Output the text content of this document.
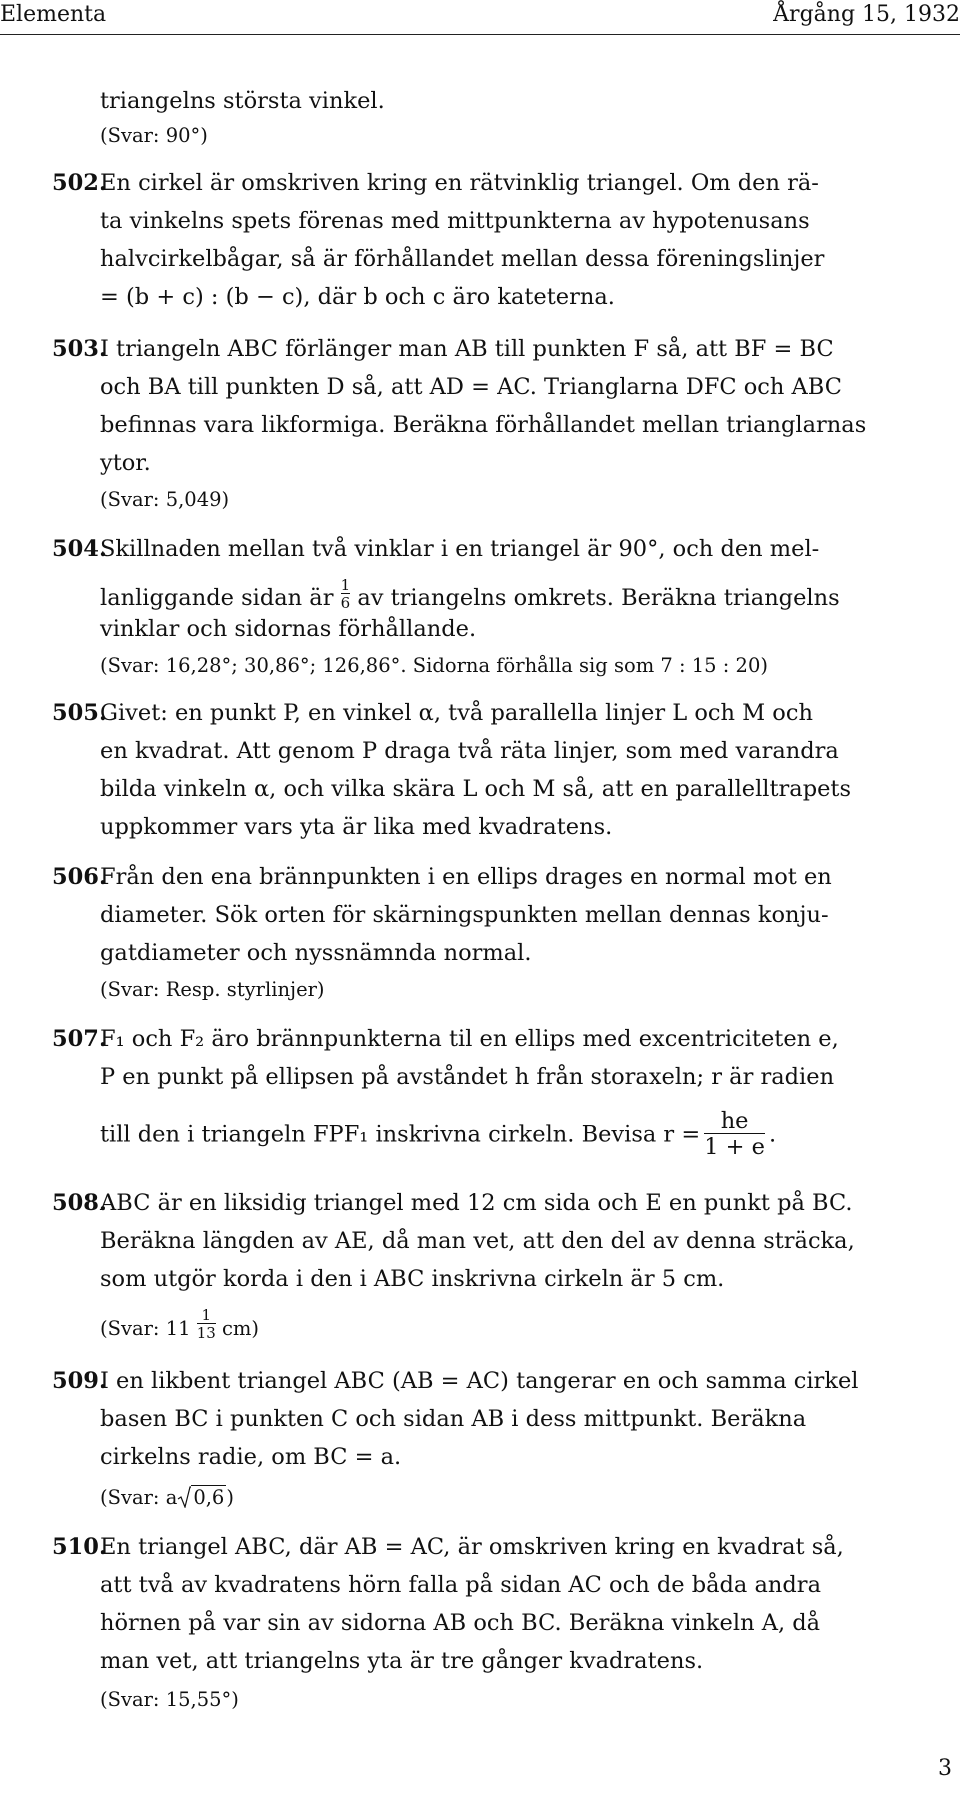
Elementa	Årgång 15, 1932
triangelns största vinkel.
(Svar: 90°)
502.
En cirkel är omskriven kring en rätvinklig triangel. Om den rä-
ta vinkelns spets förenas med mittpunkterna av hypotenusans
halvcirkelbågar, så är förhållandet mellan dessa föreningslinjer
= (b + c) : (b − c), där b och c äro kateterna.
503.
I triangeln ABC förlänger man AB till punkten F så, att BF = BC
och BA till punkten D så, att AD = AC. Trianglarna DFC och ABC
befinnas vara likformiga. Beräkna förhållandet mellan trianglarnas
ytor.
(Svar: 5,049)
504.
Skillnaden mellan två vinklar i en triangel är 90°, och den mel-
lanliggande sidan är $\frac{1}{6}$ av triangelns omkrets. Beräkna triangelns
vinklar och sidornas förhållande.
(Svar: 16,28°; 30,86°; 126,86°. Sidorna förhålla sig som 7 : 15 : 20)
505.
Givet: en punkt P, en vinkel α, två parallella linjer L och M och
en kvadrat. Att genom P draga två räta linjer, som med varandra
bilda vinkeln α, och vilka skära L och M så, att en parallelltrapets
uppkommer vars yta är lika med kvadratens.
506.
Från den ena brännpunkten i en ellips drages en normal mot en
diameter. Sök orten för skärningspunkten mellan dennas konju-
gatdiameter och nyssnämnda normal.
(Svar: Resp. styrlinjer)
507.
F₁ och F₂ äro brännpunkterna til en ellips med excentriciteten e,
P en punkt på ellipsen på avståndet h från storaxeln; r är radien
till den i triangeln FPF₁ inskrivna cirkeln. Bevisa $r = \frac{he}{1 + e}$ .
508.
ABC är en liksidig triangel med 12 cm sida och E en punkt på BC.
Beräkna längden av AE, då man vet, att den del av denna sträcka,
som utgör korda i den i ABC inskrivna cirkeln är 5 cm.
(Svar: $11 \frac{1}{13} cm$)
509.
I en likbent triangel ABC (AB = AC) tangerar en och samma cirkel
basen BC i punkten C och sidan AB i dess mittpunkt. Beräkna
cirkelns radie, om BC = a.
(Svar: a 0,6 )
510.
En triangel ABC, där AB = AC, är omskriven kring en kvadrat så,
att två av kvadratens hörn falla på sidan AC och de båda andra
hörnen på var sin av sidorna AB och BC. Beräkna vinkeln A, då
man vet, att triangelns yta är tre gånger kvadratens.
(Svar: 15,55°)
3
